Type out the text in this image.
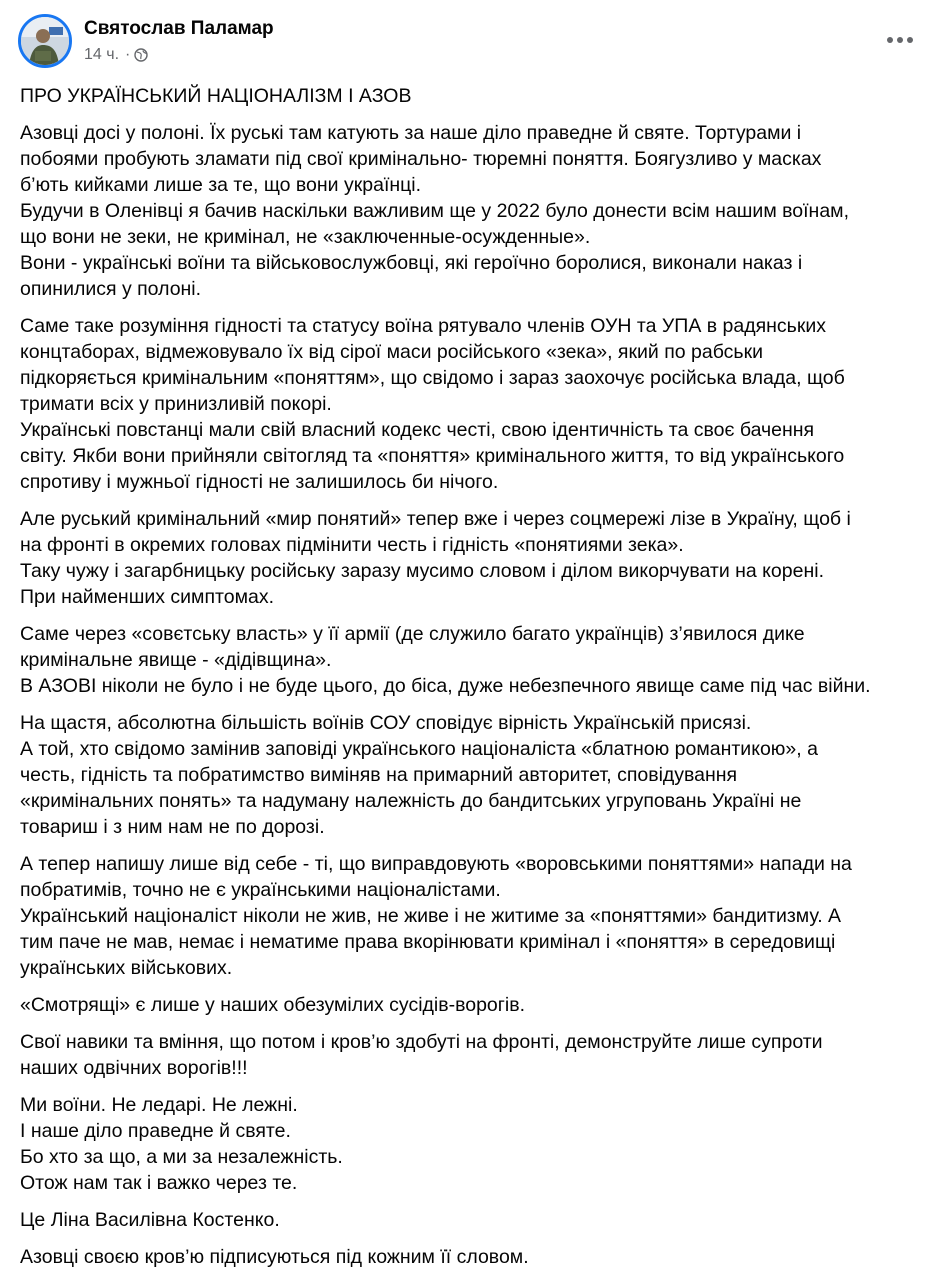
Святослав Паламар
14 ч. ·
ПРО УКРАЇНСЬКИЙ НАЦІОНАЛІЗМ І АЗОВ
Азовці досі у полоні. Їх руські там катують за наше діло праведне й святе. Тортурами і
побоями пробують зламати під свої кримінально- тюремні поняття. Боягузливо у масках
б’ють кийками лише за те, що вони українці.
Будучи в Оленівці я бачив наскільки важливим ще у 2022 було донести всім нашим воїнам,
що вони не зеки, не кримінал, не «заключенные-осужденные».
Вони - українські воїни та військовослужбовці, які героїчно боролися, виконали наказ і
опинилися у полоні.
Саме таке розуміння гідності та статусу воїна рятувало членів ОУН та УПА в радянських
концтаборах, відмежовувало їх від сірої маси російського «зека», який по рабськи
підкоряється кримінальним «поняттям», що свідомо і зараз заохочує російська влада, щоб
тримати всіх у принизливій покорі.
Українські повстанці мали свій власний кодекс честі, свою ідентичність та своє бачення
світу. Якби вони прийняли світогляд та «поняття» кримінального життя, то від українського
спротиву і мужньої гідності не залишилось би нічого.
Але руський кримінальний «мир понятий» тепер вже і через соцмережі лізе в Україну, щоб і
на фронті в окремих головах підмінити честь і гідність «понятиями зека».
Таку чужу і загарбницьку російську заразу мусимо словом і ділом викорчувати на корені.
При найменших симптомах.
Саме через «совєтську власть» у її армії (де служило багато українців) з’явилося дике
кримінальне явище - «дідівщина».
В АЗОВІ ніколи не було і не буде цього, до біса, дуже небезпечного явище саме під час війни.
На щастя, абсолютна більшість воїнів СОУ сповідує вірність Українській присязі.
А той, хто свідомо замінив заповіді українського націоналіста «блатною романтикою», а
честь, гідність та побратимство виміняв на примарний авторитет, сповідування
«кримінальних понять» та надуману належність до бандитських угруповань Україні не
товариш і з ним нам не по дорозі.
А тепер напишу лише від себе - ті, що виправдовують «воровськими поняттями» напади на
побратимів, точно не є українськими націоналістами.
Український націоналіст ніколи не жив, не живе і не житиме за «поняттями» бандитизму. А
тим паче не мав, немає і нематиме права вкорінювати кримінал і «поняття» в середовищі
українських військових.
«Смотрящі» є лише у наших обезумілих сусідів-ворогів.
Свої навики та вміння, що потом і кров’ю здобуті на фронті, демонструйте лише супроти
наших одвічних ворогів!!!
Ми воїни. Не ледарі. Не лежні.
І наше діло праведне й святе.
Бо хто за що, а ми за незалежність.
Отож нам так і важко через те.
Це Ліна Василівна Костенко.
Азовці своєю кров’ю підписуються під кожним її словом.
